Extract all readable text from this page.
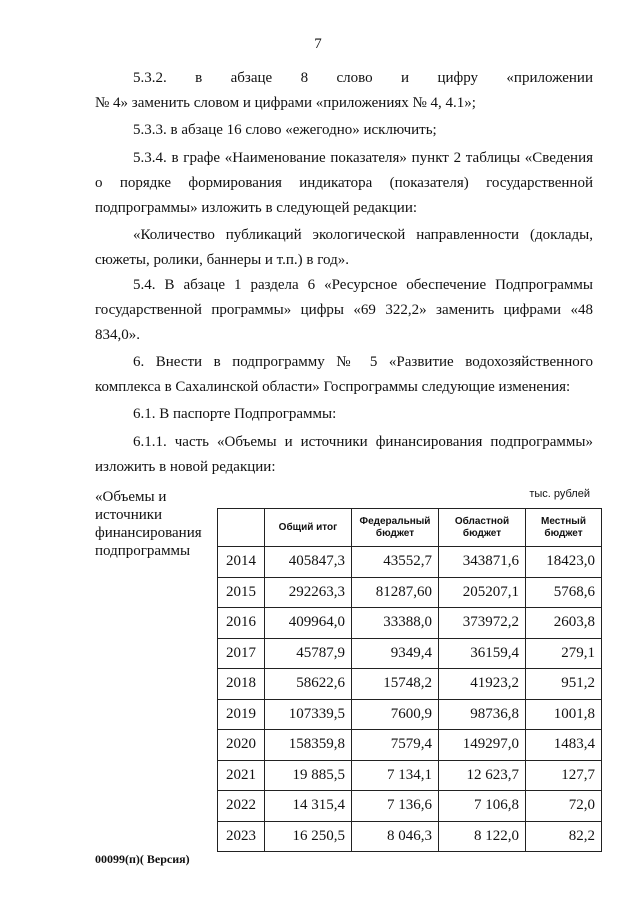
7

5.3.2. в абзаце 8 слово и цифру «приложении

№ 4» заменить словом и цифрами «приложениях № 4, 4.1»;

5.3.3. в абзаце 16 слово «ежегодно» исключить;

5.3.4. в графе «Наименование показателя» пункт 2 таблицы «Сведения о порядке формирования индикатора (показателя) государственной подпрограммы» изложить в следующей редакции:

«Количество публикаций экологической направленности (доклады, сюжеты, ролики, баннеры и т.п.) в год».

5.4. В абзаце 1 раздела 6 «Ресурсное обеспечение Подпрограммы государственной программы» цифры «69 322,2» заменить цифрами «48 834,0».

6. Внести в подпрограмму № 5 «Развитие водохозяйственного комплекса в Сахалинской области» Госпрограммы следующие изменения:

6.1. В паспорте Подпрограммы:

6.1.1. часть «Объемы и источники финансирования подпрограммы» изложить в новой редакции:

«Объемы и
источники
финансирования
подпрограммы
тыс. рублей
	Общий итог	Федеральный бюджет	Областной бюджет	Местный бюджет
2014	405847,3	43552,7	343871,6	18423,0
2015	292263,3	81287,60	205207,1	5768,6
2016	409964,0	33388,0	373972,2	2603,8
2017	45787,9	9349,4	36159,4	279,1
2018	58622,6	15748,2	41923,2	951,2
2019	107339,5	7600,9	98736,8	1001,8
2020	158359,8	7579,4	149297,0	1483,4
2021	19 885,5	7 134,1	12 623,7	127,7
2022	14 315,4	7 136,6	7 106,8	72,0
2023	16 250,5	8 046,3	8 122,0	82,2
00099(п)( Версия)
